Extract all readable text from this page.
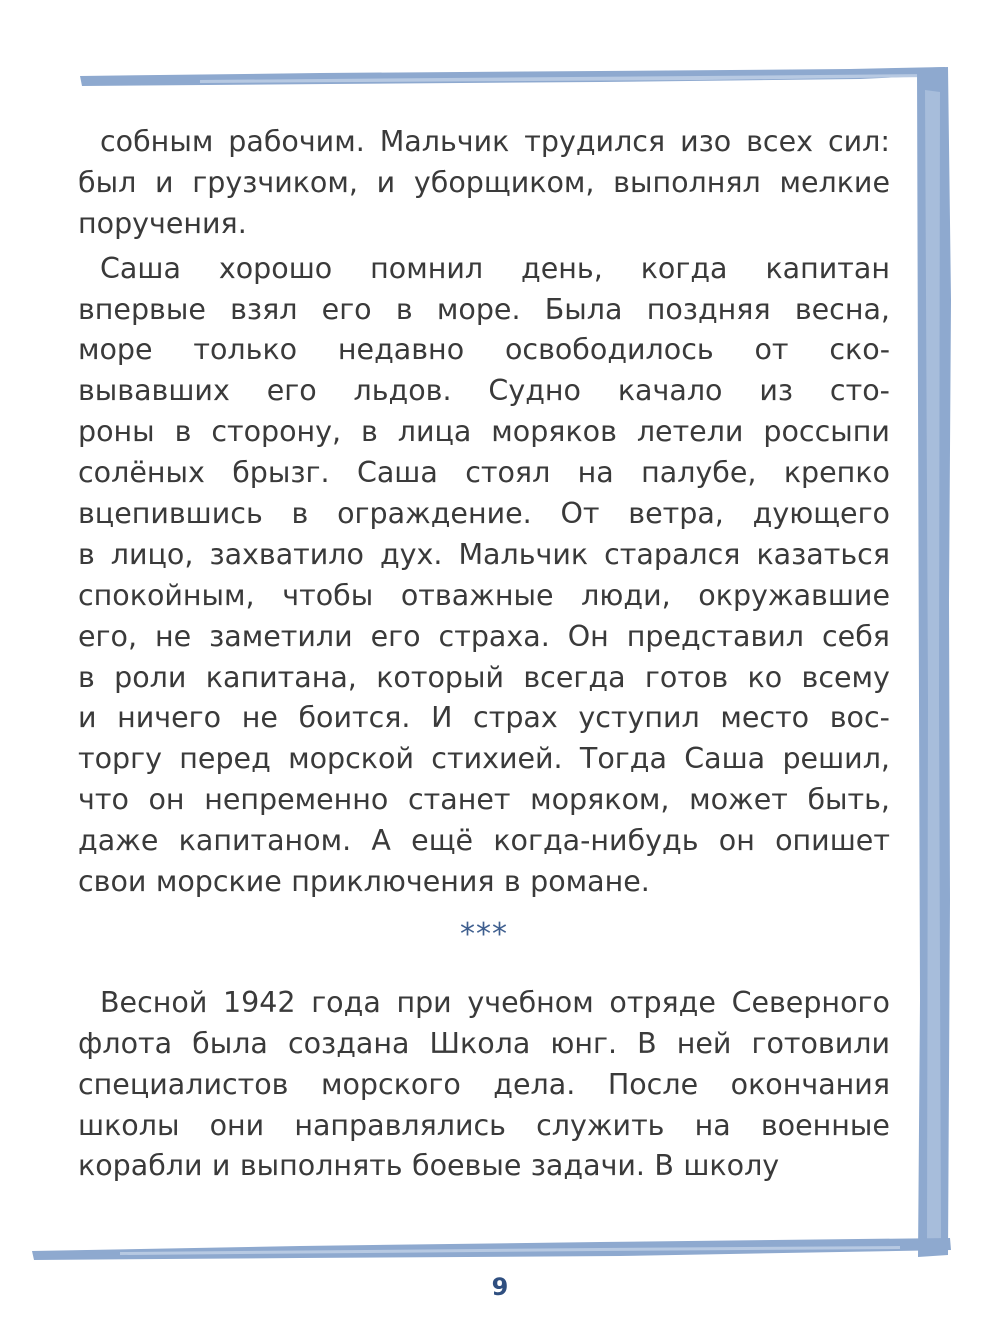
собным рабочим. Мальчик трудился изо всех сил:
был и грузчиком, и уборщиком, выполнял мелкие
поручения.
Саша хорошо помнил день, когда капитан
впервые взял его в море. Была поздняя весна,
море только недавно освободилось от ско-
вывавших его льдов. Судно качало из сто-
роны в сторону, в лица моряков летели россыпи
солёных брызг. Саша стоял на палубе, крепко
вцепившись в ограждение. От ветра, дующего
в лицо, захватило дух. Мальчик старался казаться
спокойным, чтобы отважные люди, окружавшие
его, не заметили его страха. Он представил себя
в роли капитана, который всегда готов ко всему
и ничего не боится. И страх уступил место вос-
торгу перед морской стихией. Тогда Саша решил,
что он непременно станет моряком, может быть,
даже капитаном. А ещё когда-нибудь он опишет
свои морские приключения в романе.
***
Весной 1942 года при учебном отряде Северного
флота была создана Школа юнг. В ней готовили
специалистов морского дела. После окончания
школы они направлялись служить на военные
корабли и выполнять боевые задачи. В школу
9
